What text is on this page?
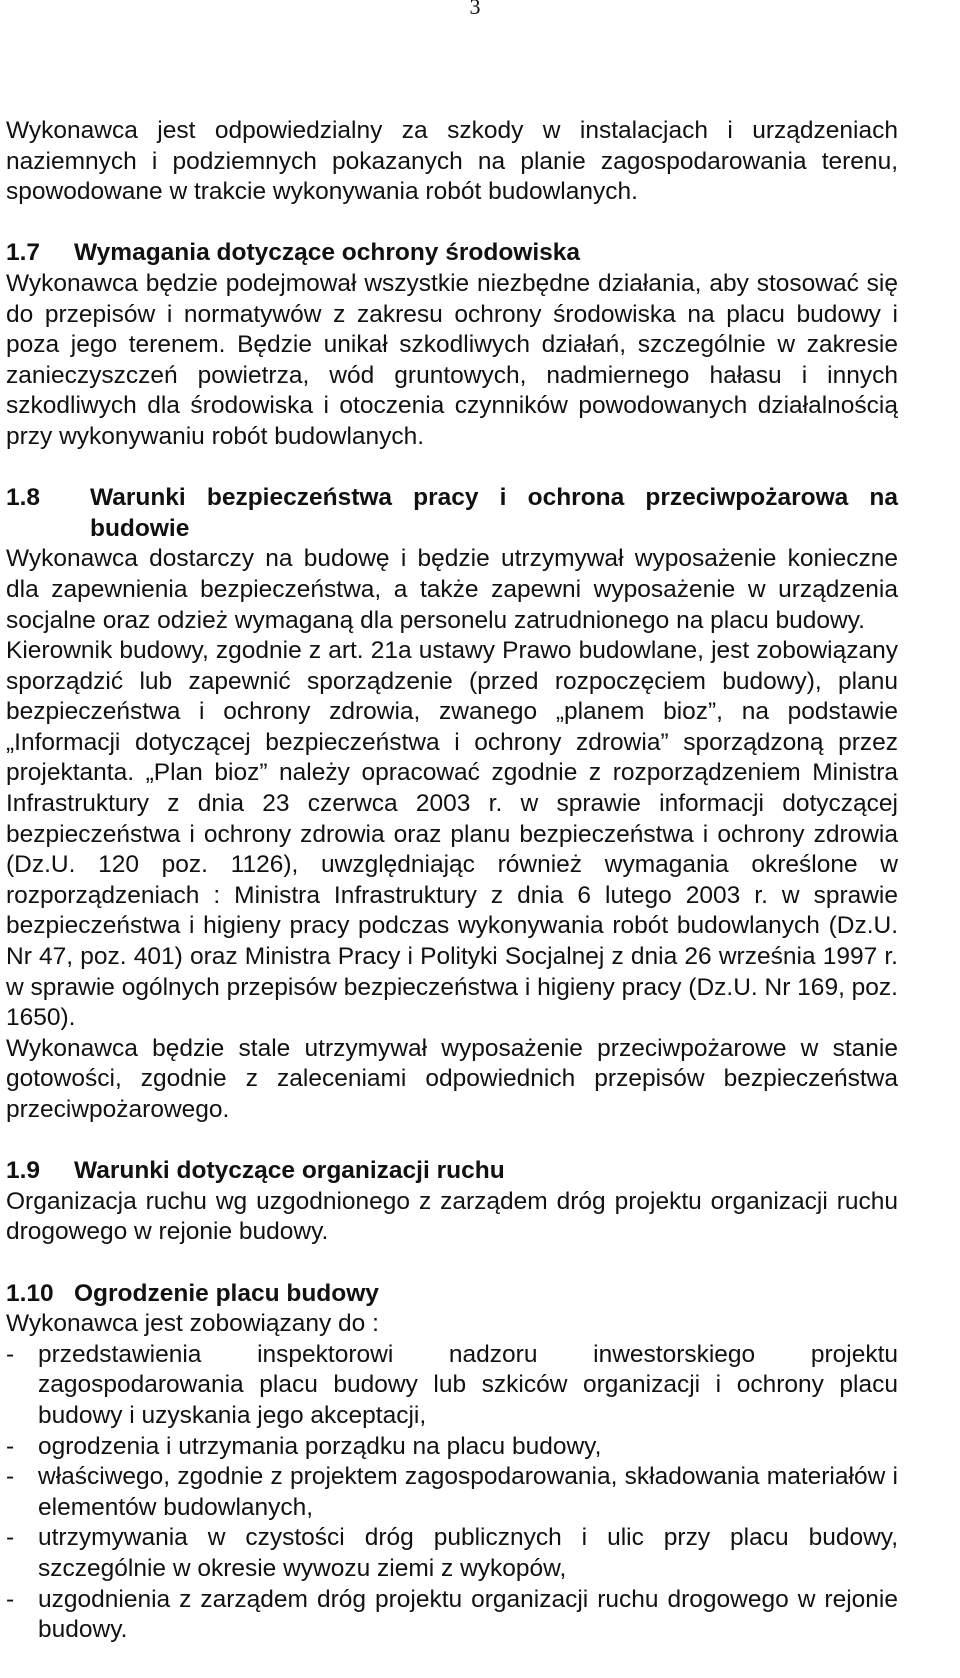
3

Wykonawca jest odpowiedzialny za szkody w instalacjach i urządzeniach naziemnych i podziemnych pokazanych na planie zagospodarowania terenu, spowodowane w trakcie wykonywania robót budowlanych.

1.7	Wymagania dotyczące ochrony środowiska

Wykonawca będzie podejmował wszystkie niezbędne działania, aby stosować się do przepisów i normatywów z zakresu ochrony środowiska na placu budowy i poza jego terenem. Będzie unikał szkodliwych działań, szczególnie w zakresie zanieczyszczeń powietrza, wód gruntowych, nadmiernego hałasu i innych szkodliwych dla środowiska i otoczenia czynników powodowanych działalnością przy wykonywaniu robót budowlanych.

1.8	Warunki bezpieczeństwa pracy i ochrona przeciwpożarowa na budowie

Wykonawca dostarczy na budowę i będzie utrzymywał wyposażenie konieczne dla zapewnienia bezpieczeństwa, a także zapewni wyposażenie w urządzenia socjalne oraz odzież wymaganą dla personelu zatrudnionego na placu budowy.

Kierownik budowy, zgodnie z art. 21a ustawy Prawo budowlane, jest zobowiązany sporządzić lub zapewnić sporządzenie (przed rozpoczęciem budowy), planu bezpieczeństwa i ochrony zdrowia, zwanego „planem bioz”, na podstawie „Informacji dotyczącej bezpieczeństwa i ochrony zdrowia” sporządzoną przez projektanta. „Plan bioz” należy opracować zgodnie z rozporządzeniem Ministra Infrastruktury z dnia 23 czerwca 2003 r. w sprawie informacji dotyczącej bezpieczeństwa i ochrony zdrowia oraz planu bezpieczeństwa i ochrony zdrowia (Dz.U. 120 poz. 1126), uwzględniając również wymagania określone w rozporządzeniach : Ministra Infrastruktury z dnia 6 lutego 2003 r. w sprawie bezpieczeństwa i higieny pracy podczas wykonywania robót budowlanych (Dz.U. Nr 47, poz. 401) oraz Ministra Pracy i Polityki Socjalnej z dnia 26 września 1997 r. w sprawie ogólnych przepisów bezpieczeństwa i higieny pracy (Dz.U. Nr 169, poz. 1650).

Wykonawca będzie stale utrzymywał wyposażenie przeciwpożarowe w stanie gotowości, zgodnie z zaleceniami odpowiednich przepisów bezpieczeństwa przeciwpożarowego.

1.9	Warunki dotyczące organizacji ruchu

Organizacja ruchu wg uzgodnionego z zarządem dróg projektu organizacji ruchu drogowego w rejonie budowy.

1.10 Ogrodzenie placu budowy

Wykonawca jest zobowiązany do :

- przedstawienia inspektorowi nadzoru inwestorskiego projektu zagospodarowania placu budowy lub szkiców organizacji i ochrony placu budowy i uzyskania jego akceptacji,
- ogrodzenia i utrzymania porządku na placu budowy,
- właściwego, zgodnie z projektem zagospodarowania, składowania materiałów i elementów budowlanych,
- utrzymywania w czystości dróg publicznych i ulic przy placu budowy, szczególnie w okresie wywozu ziemi z wykopów,
- uzgodnienia z zarządem dróg projektu organizacji ruchu drogowego w rejonie budowy.
